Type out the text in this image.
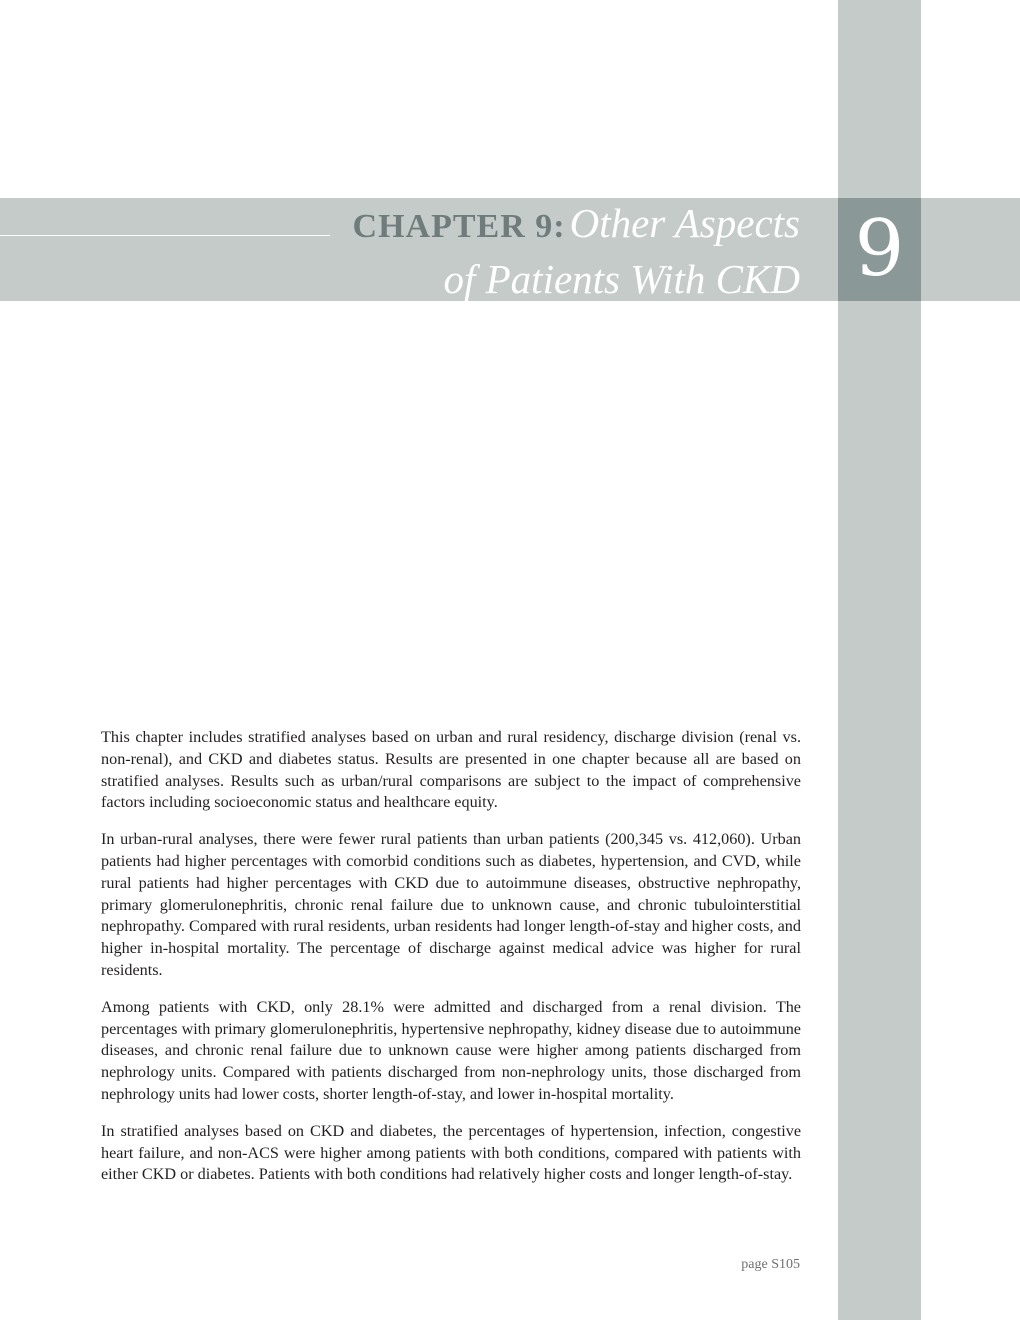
9
CHAPTER 9: Other Aspects
of Patients With CKD

This chapter includes stratified analyses based on urban and rural residency, discharge division (renal vs. non-renal), and CKD and diabetes status. Results are presented in one chapter because all are based on stratified analyses. Results such as urban/rural comparisons are subject to the impact of comprehensive factors including socioeconomic status and healthcare equity.

In urban-rural analyses, there were fewer rural patients than urban patients (200,345 vs. 412,060). Urban patients had higher percentages with comorbid conditions such as diabetes, hypertension, and CVD, while rural patients had higher percentages with CKD due to autoimmune diseases, obstructive nephropathy, primary glomerulonephritis, chronic renal failure due to unknown cause, and chronic tubulointerstitial nephropathy. Compared with rural residents, urban residents had longer length-of-stay and higher costs, and higher in-hospital mortality. The percentage of discharge against medical advice was higher for rural residents.

Among patients with CKD, only 28.1% were admitted and discharged from a renal division. The percentages with primary glomerulonephritis, hypertensive nephropathy, kidney disease due to autoimmune diseases, and chronic renal failure due to unknown cause were higher among patients discharged from nephrology units. Compared with patients discharged from non-nephrology units, those discharged from nephrology units had lower costs, shorter length-of-stay, and lower in-hospital mortality.

In stratified analyses based on CKD and diabetes, the percentages of hypertension, infection, congestive heart failure, and non-ACS were higher among patients with both conditions, compared with patients with either CKD or diabetes. Patients with both conditions had relatively higher costs and longer length-of-stay.

page S105
